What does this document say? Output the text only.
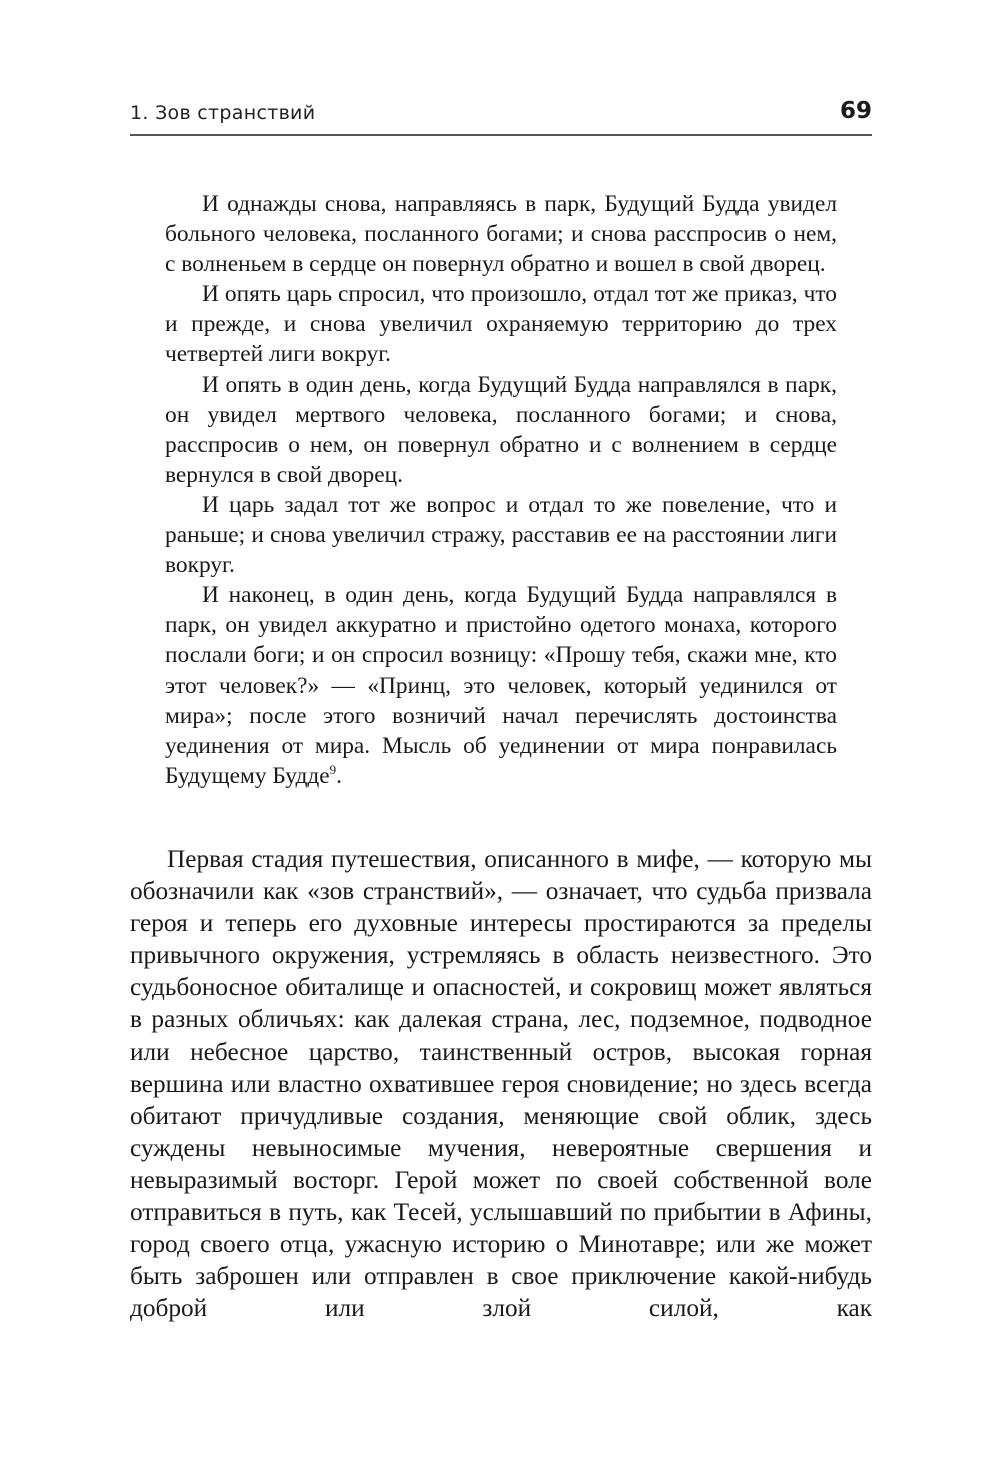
1. Зов странствий	69

И однажды снова, направляясь в парк, Будущий Будда увидел больного человека, посланного богами; и снова расспросив о нем, с волненьем в сердце он повернул обратно и вошел в свой дворец.

И опять царь спросил, что произошло, отдал тот же приказ, что и прежде, и снова увеличил охраняемую территорию до трех четвертей лиги вокруг.

И опять в один день, когда Будущий Будда направлялся в парк, он увидел мертвого человека, посланного богами; и снова, расспросив о нем, он повернул обратно и с волнением в сердце вернулся в свой дворец.

И царь задал тот же вопрос и отдал то же повеление, что и раньше; и снова увеличил стражу, расставив ее на расстоянии лиги вокруг.

И наконец, в один день, когда Будущий Будда направлялся в парк, он увидел аккуратно и пристойно одетого монаха, которого послали боги; и он спросил возницу: «Прошу тебя, скажи мне, кто этот человек?» — «Принц, это человек, который уединился от мира»; после этого возничий начал перечислять достоинства уединения от мира. Мысль об уединении от мира понравилась Будущему Будде$^9$.

Первая стадия путешествия, описанного в мифе, — которую мы обозначили как «зов странствий», — означает, что судьба призвала героя и теперь его духовные интересы простираются за пределы привычного окружения, устремляясь в область неизвестного. Это судьбоносное обиталище и опасностей, и сокровищ может являться в разных обличьях: как далекая страна, лес, подземное, подводное или небесное царство, таинственный остров, высокая горная вершина или властно охватившее героя сновидение; но здесь всегда обитают причудливые создания, меняющие свой облик, здесь суждены невыносимые мучения, невероятные свершения и невыразимый восторг. Герой может по своей собственной воле отправиться в путь, как Тесей, услышавший по прибытии в Афины, город своего отца, ужасную историю о Минотавре; или же может быть заброшен или отправлен в свое приключение какой-нибудь доброй или злой силой, как
